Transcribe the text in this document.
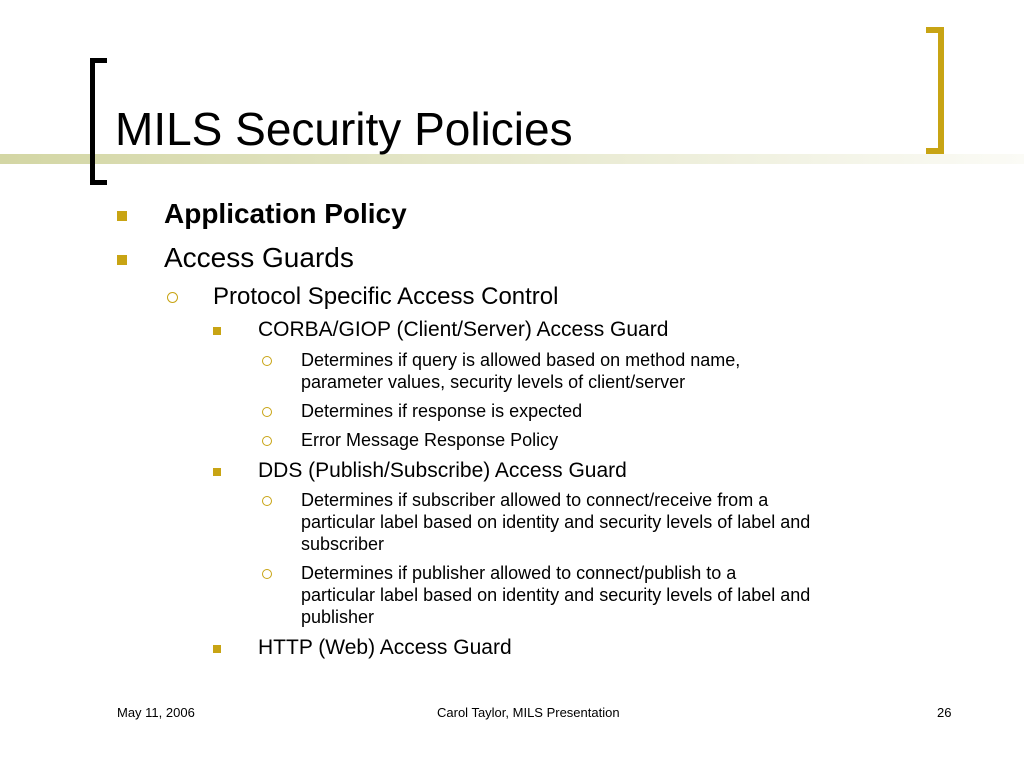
MILS Security Policies
Application Policy
Access Guards
Protocol Specific Access Control
CORBA/GIOP (Client/Server) Access Guard
Determines if query is allowed based on method name,
parameter values, security levels of client/server
Determines if response is expected
Error Message Response Policy
DDS (Publish/Subscribe) Access Guard
Determines if subscriber allowed to connect/receive from a
particular label based on identity and security levels of label and
subscriber
Determines if publisher allowed to connect/publish to a
particular label based on identity and security levels of label and
publisher
HTTP (Web) Access Guard
May 11, 2006	Carol Taylor, MILS Presentation	26
